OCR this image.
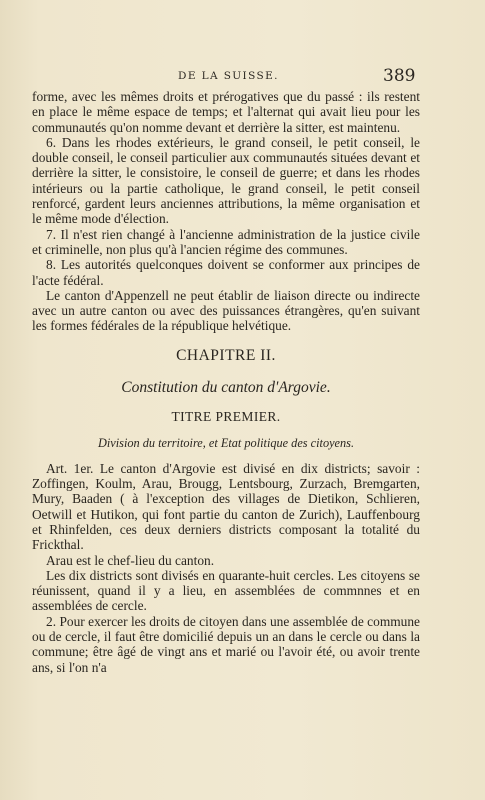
DE LA SUISSE.	389

forme, avec les mêmes droits et prérogatives que du passé : ils restent en place le même espace de temps; et l'alternat qui avait lieu pour les communautés qu'on nomme devant et derrière la sitter, est maintenu.

6. Dans les rhodes extérieurs, le grand conseil, le petit conseil, le double conseil, le conseil particulier aux communautés situées devant et derrière la sitter, le consistoire, le conseil de guerre; et dans les rhodes intérieurs ou la partie catholique, le grand conseil, le petit conseil renforcé, gardent leurs anciennes attributions, la même organisation et le même mode d'élection.

7. Il n'est rien changé à l'ancienne administration de la justice civile et criminelle, non plus qu'à l'ancien régime des communes.

8. Les autorités quelconques doivent se conformer aux principes de l'acte fédéral.

Le canton d'Appenzell ne peut établir de liaison directe ou indirecte avec un autre canton ou avec des puissances étrangères, qu'en suivant les formes fédérales de la république helvétique.

CHAPITRE II.
Constitution du canton d'Argovie.
TITRE PREMIER.
Division du territoire, et Etat politique des citoyens.

Art. 1er. Le canton d'Argovie est divisé en dix districts; savoir : Zoffingen, Koulm, Arau, Brougg, Lentsbourg, Zurzach, Bremgarten, Mury, Baaden ( à l'exception des villages de Dietikon, Schlieren, Oetwill et Hutikon, qui font partie du canton de Zurich), Lauffenbourg et Rhinfelden, ces deux derniers districts composant la totalité du Frickthal.

Arau est le chef-lieu du canton.

Les dix districts sont divisés en quarante-huit cercles. Les citoyens se réunissent, quand il y a lieu, en assemblées de commnnes et en assemblées de cercle.

2. Pour exercer les droits de citoyen dans une assemblée de commune ou de cercle, il faut être domicilié depuis un an dans le cercle ou dans la commune; être âgé de vingt ans et marié ou l'avoir été, ou avoir trente ans, si l'on n'a
